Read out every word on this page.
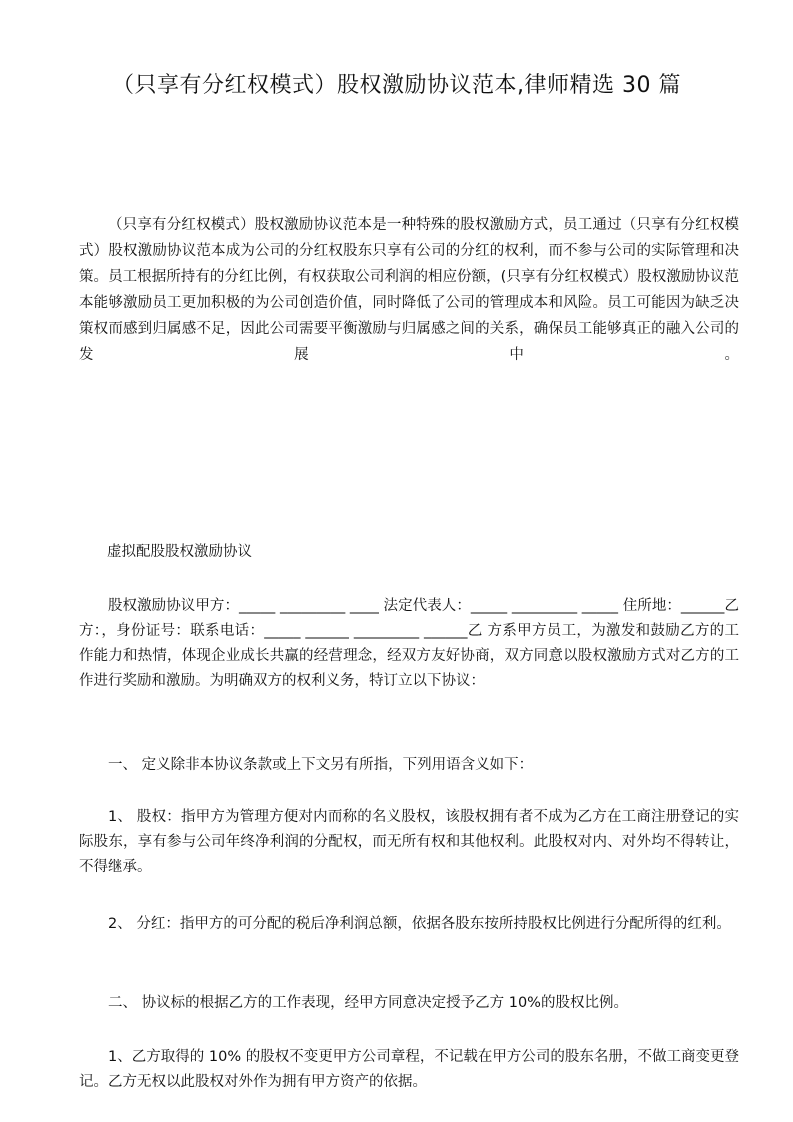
（只享有分红权模式）股权激励协议范本,律师精选 30 篇

（只享有分红权模式）股权激励协议范本是一种特殊的股权激励方式，员工通过（只享有分红权模式）股权激励协议范本成为公司的分红权股东只享有公司的分红的权利，而不参与公司的实际管理和决策。员工根据所持有的分红比例，有权获取公司利润的相应份额，(只享有分红权模式）股权激励协议范本能够激励员工更加积极的为公司创造价值，同时降低了公司的管理成本和风险。员工可能因为缺乏决策权而感到归属感不足，因此公司需要平衡激励与归属感之间的关系，确保员工能够真正的融入公司的发展中。

虚拟配股股权激励协议

股权激励协议甲方：_____ _________ ____ 法定代表人：_____ _________ _____ 住所地：______乙 方：，身份证号：联系电话：_____ ______ _________ ______乙 方系甲方员工，为激发和鼓励乙方的工作能力和热情，体现企业成长共赢的经营理念，经双方友好协商，双方同意以股权激励方式对乙方的工作进行奖励和激励。为明确双方的权利义务，特订立以下协议：

一、 定义除非本协议条款或上下文另有所指，下列用语含义如下：

1、 股权：指甲方为管理方便对内而称的名义股权，该股权拥有者不成为乙方在工商注册登记的实际股东，享有参与公司年终净利润的分配权，而无所有权和其他权利。此股权对内、对外均不得转让，不得继承。

2、 分红：指甲方的可分配的税后净利润总额，依据各股东按所持股权比例进行分配所得的红利。

二、 协议标的根据乙方的工作表现，经甲方同意决定授予乙方 10%的股权比例。

1、乙方取得的 10% 的股权不变更甲方公司章程，不记载在甲方公司的股东名册，不做工商变更登记。乙方无权以此股权对外作为拥有甲方资产的依据。
